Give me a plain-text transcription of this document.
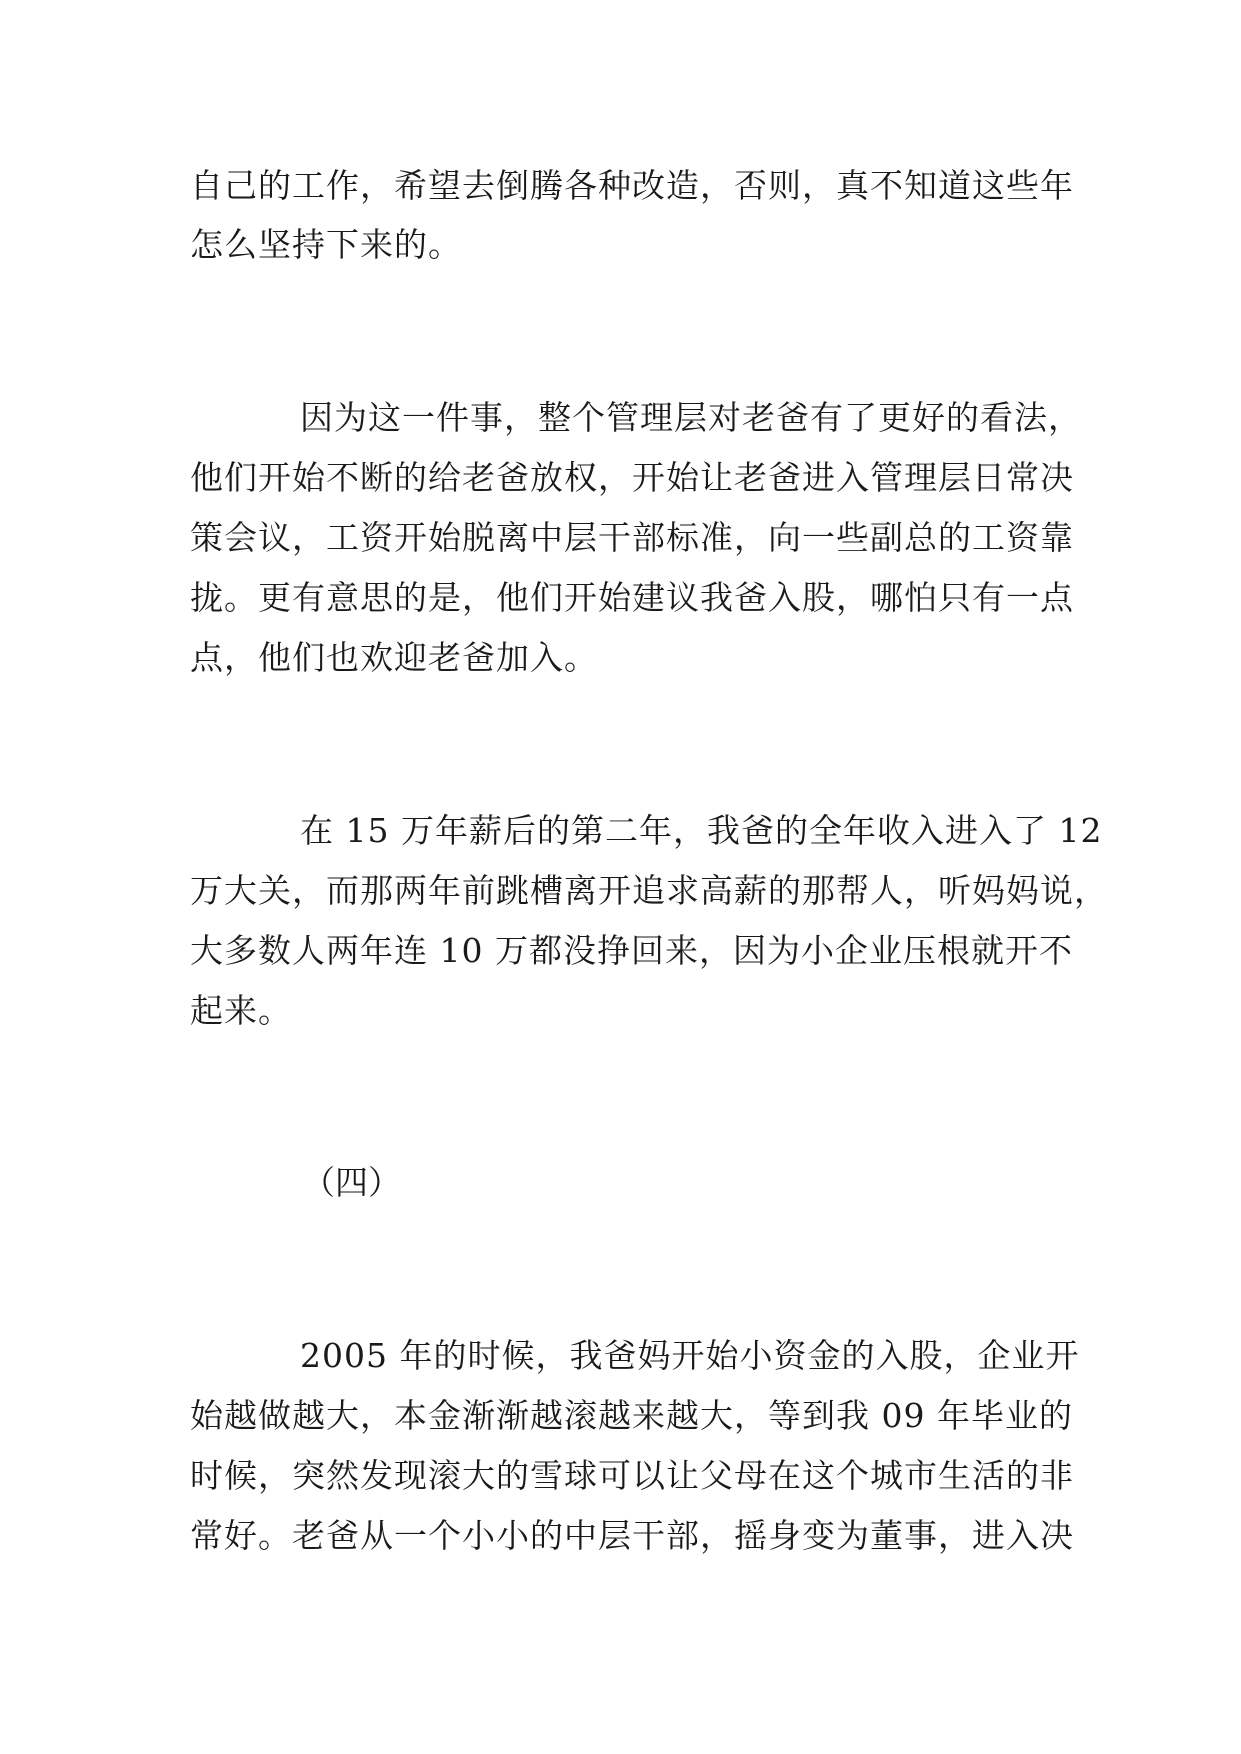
自己的工作，希望去倒腾各种改造，否则，真不知道这些年
怎么坚持下来的。
因为这一件事，整个管理层对老爸有了更好的看法，
他们开始不断的给老爸放权，开始让老爸进入管理层日常决
策会议，工资开始脱离中层干部标准，向一些副总的工资靠
拢。更有意思的是，他们开始建议我爸入股，哪怕只有一点
点，他们也欢迎老爸加入。
在 15 万年薪后的第二年，我爸的全年收入进入了 12
万大关，而那两年前跳槽离开追求高薪的那帮人，听妈妈说，
大多数人两年连 10 万都没挣回来，因为小企业压根就开不
起来。
（四）
2005 年的时候，我爸妈开始小资金的入股，企业开
始越做越大，本金渐渐越滚越来越大，等到我 09 年毕业的
时候，突然发现滚大的雪球可以让父母在这个城市生活的非
常好。老爸从一个小小的中层干部，摇身变为董事，进入决
